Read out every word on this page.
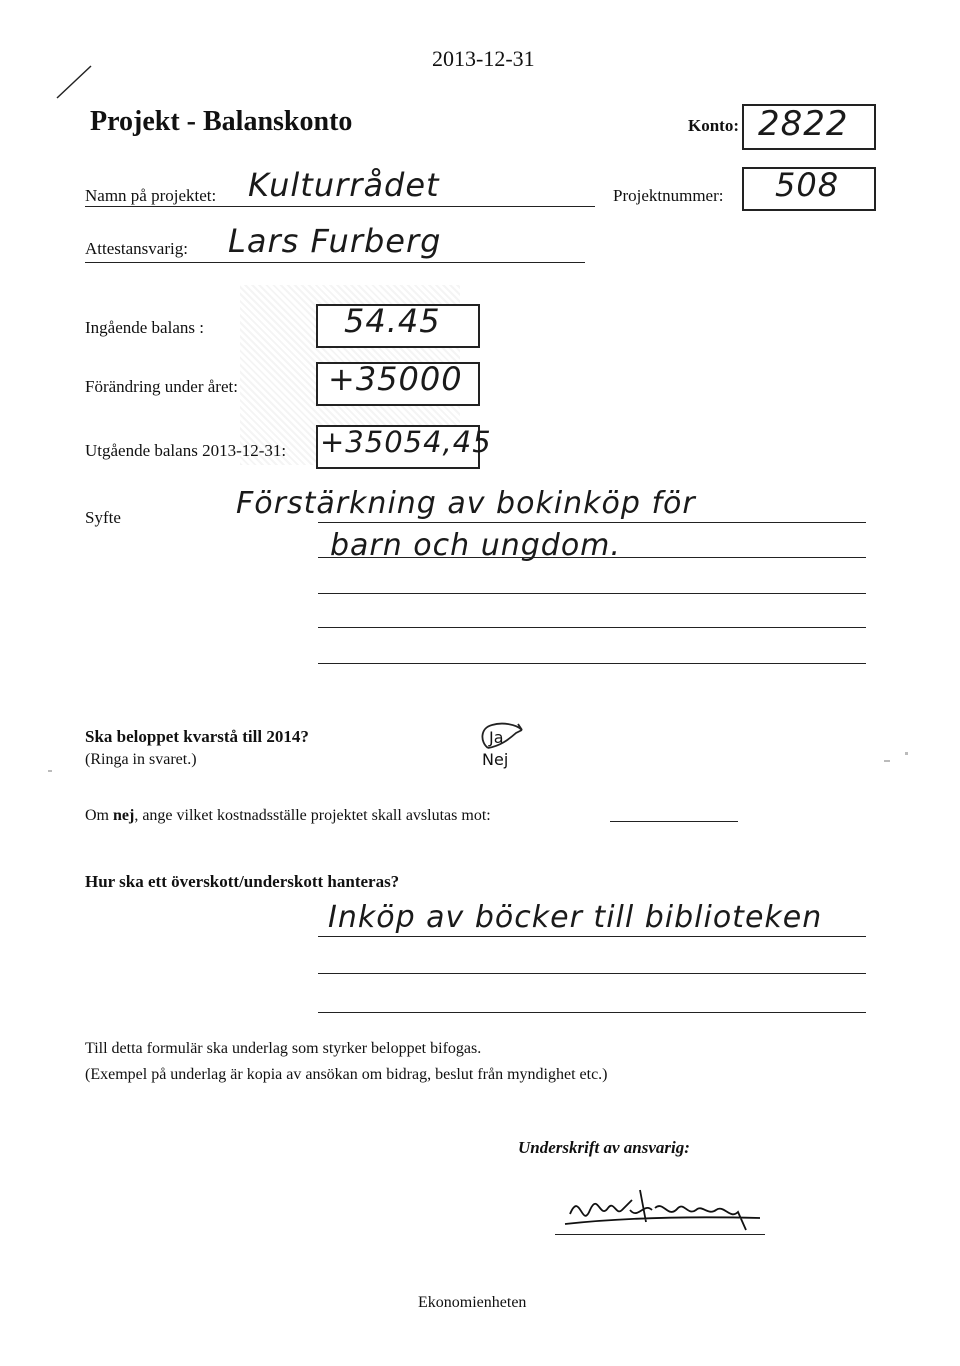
2013-12-31
Projekt - Balanskonto	Konto: 2822
Namn på projektet: Kulturrådet	Projektnummer: 508
Attestansvarig: Lars Furberg
Ingående balans :	54.45
Förändring under året:	+35000
Utgående balans 2013-12-31: +35054,45
Syfte	Förstärkning av bokinköp för
barn och ungdom.
Ska beloppet kvarstå till 2014?
(Ringa in svaret.)
Ja
Nej
Om nej, ange vilket kostnadsställe projektet skall avslutas mot:
Hur ska ett överskott/underskott hanteras?
Inköp av böcker till biblioteken
Till detta formulär ska underlag som styrker beloppet bifogas.
(Exempel på underlag är kopia av ansökan om bidrag, beslut från myndighet etc.)
Underskrift av ansvarig:
Ekonomienheten
